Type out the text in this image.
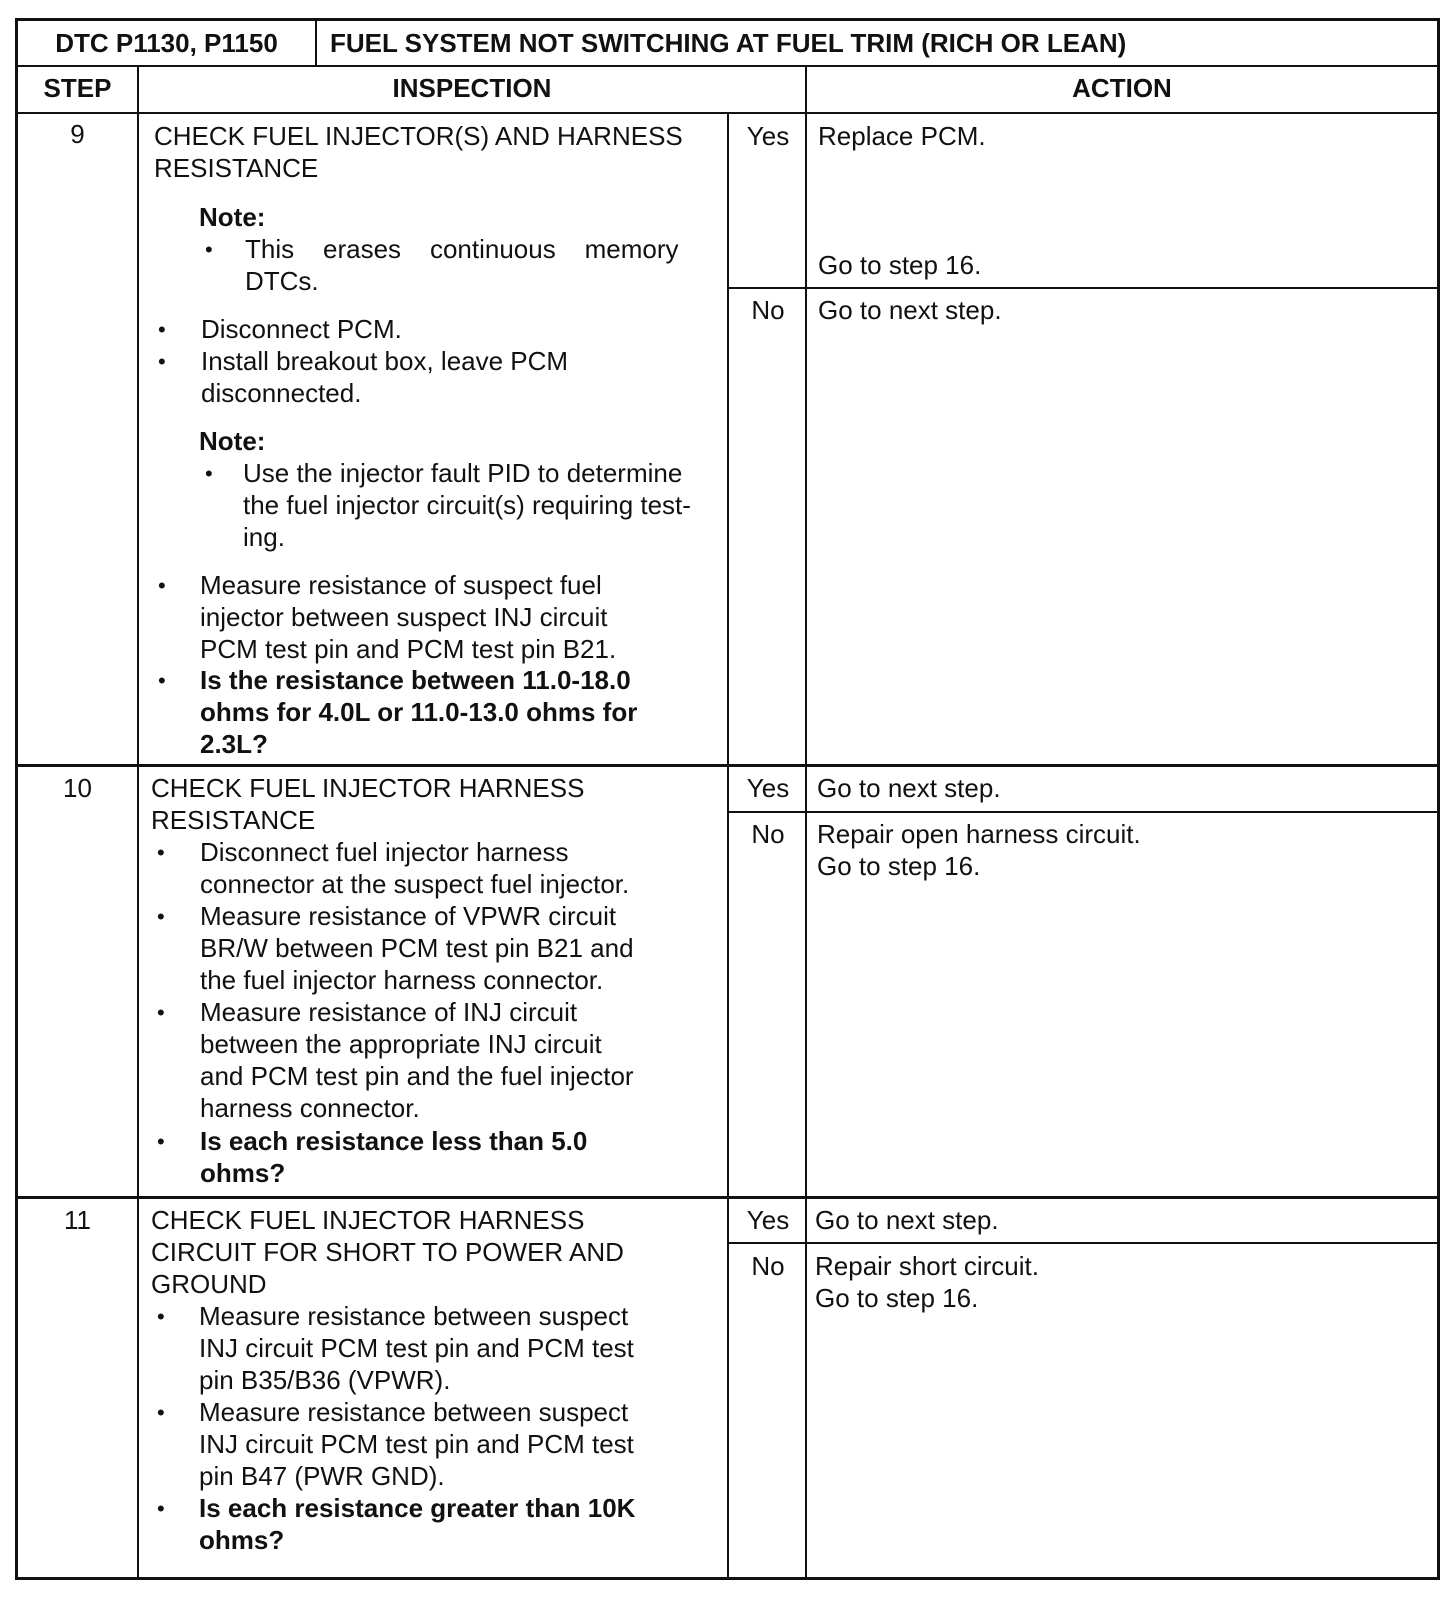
DTC P1130, P1150	FUEL SYSTEM NOT SWITCHING AT FUEL TRIM (RICH OR LEAN)
STEP	INSPECTION	ACTION
9	CHECK FUEL INJECTOR(S) AND HARNESS
RESISTANCE
Note:
• This    erases    continuous    memory
DTCs.
• Disconnect PCM.
• Install breakout box, leave PCM
disconnected.
Note:
• Use the injector fault PID to determine
the fuel injector circuit(s) requiring test-
ing.
• Measure resistance of suspect fuel
injector between suspect INJ circuit
PCM test pin and PCM test pin B21.
• Is the resistance between 11.0-18.0
ohms for 4.0L or 11.0-13.0 ohms for
2.3L?
Yes	Replace PCM.
Go to step 16.
No	Go to next step.
10	CHECK FUEL INJECTOR HARNESS
RESISTANCE
• Disconnect fuel injector harness
connector at the suspect fuel injector.
• Measure resistance of VPWR circuit
BR/W between PCM test pin B21 and
the fuel injector harness connector.
• Measure resistance of INJ circuit
between the appropriate INJ circuit
and PCM test pin and the fuel injector
harness connector.
• Is each resistance less than 5.0
ohms?
Yes	Go to next step.
No	Repair open harness circuit.
Go to step 16.
11	CHECK FUEL INJECTOR HARNESS
CIRCUIT FOR SHORT TO POWER AND
GROUND
• Measure resistance between suspect
INJ circuit PCM test pin and PCM test
pin B35/B36 (VPWR).
• Measure resistance between suspect
INJ circuit PCM test pin and PCM test
pin B47 (PWR GND).
• Is each resistance greater than 10K
ohms?
Yes Go to next step.
No	Repair short circuit.
Go to step 16.
